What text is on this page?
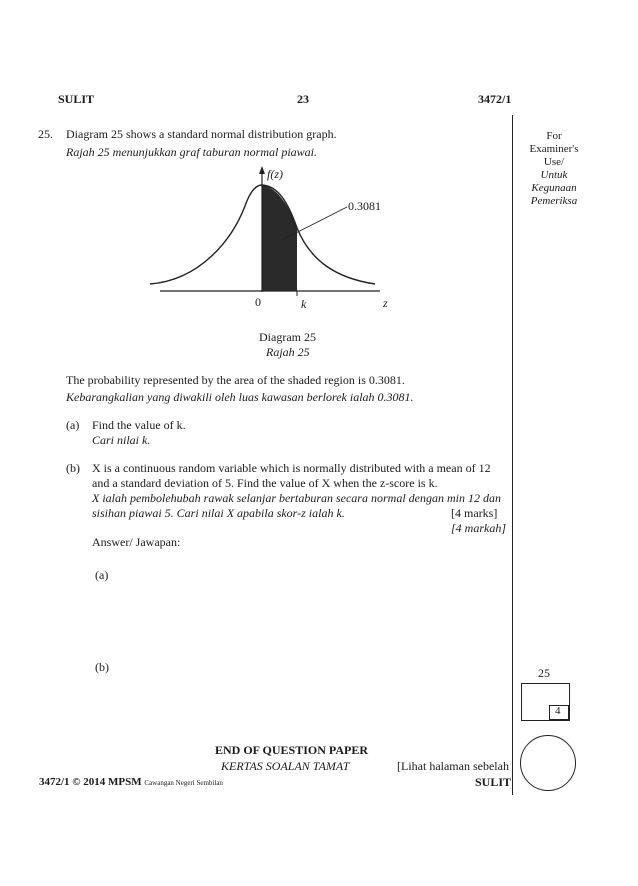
SULIT	23	3472/1
For
Examiner's
Use/
Untuk
Kegunaan
Pemeriksa
25. Diagram 25 shows a standard normal distribution graph.
Rajah 25 menunjukkan graf taburan normal piawai.
f(z)
0.3081
0	k	z
Diagram 25
Rajah 25
The probability represented by the area of the shaded region is 0.3081.
Kebarangkalian yang diwakili oleh luas kawasan berlorek ialah 0.3081.
(a) Find the value of k.
Cari nilai k.
(b) X is a continuous random variable which is normally distributed with a mean of 12
and a standard deviation of 5. Find the value of X when the z-score is k.
X ialah pembolehubah rawak selanjar bertaburan secara normal dengan min 12 dan
sisihan piawai 5. Cari nilai X apabila skor-z ialah k.	[4 marks]
[4 markah]
Answer/ Jawapan:
(a)
(b)	25
4
END OF QUESTION PAPER
KERTAS SOALAN TAMAT	[Lihat halaman sebelah
SULIT
3472/1 © 2014 MPSM Cawangan Negeri Sembilan
